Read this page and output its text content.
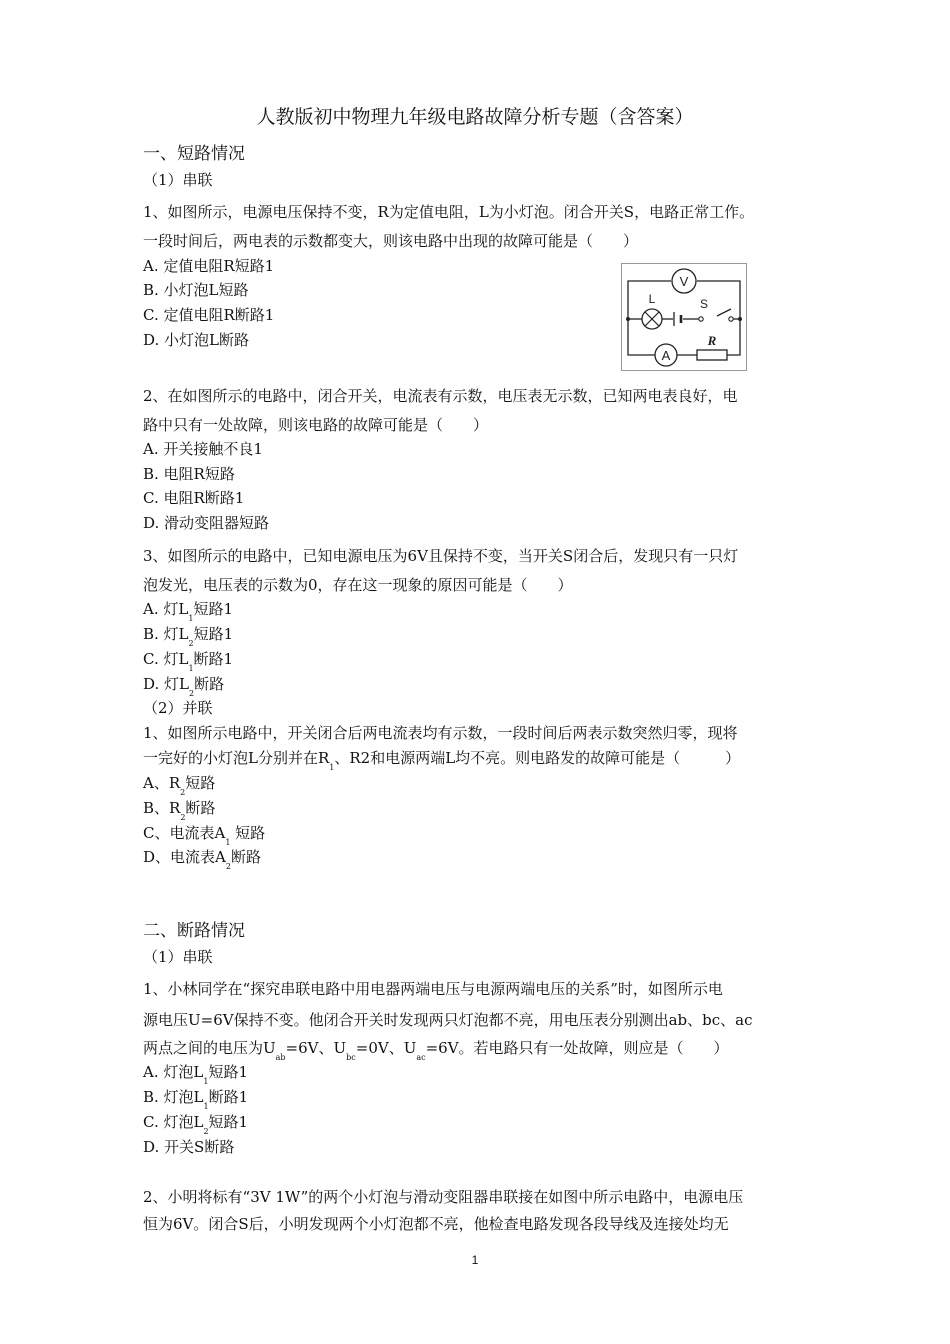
人教版初中物理九年级电路故障分析专题（含答案）
一、短路情况
（1）串联
1、如图所示，电源电压保持不变，R为定值电阻，L为小灯泡。闭合开关S，电路正常工作。
一段时间后，两电表的示数都变大，则该电路中出现的故障可能是（　　）
A. 定值电阻R短路1
B. 小灯泡L短路
C. 定值电阻R断路1
D. 小灯泡L断路
V
L	S
A
R
2、在如图所示的电路中，闭合开关，电流表有示数，电压表无示数，已知两电表良好，电
路中只有一处故障，则该电路的故障可能是（　　）
A. 开关接触不良1
B. 电阻R短路
C. 电阻R断路1
D. 滑动变阻器短路
3、如图所示的电路中，已知电源电压为6V且保持不变，当开关S闭合后，发现只有一只灯
泡发光，电压表的示数为0，存在这一现象的原因可能是（　　）
A. 灯$L_1$短路1
B. 灯$L_2$短路1
C. 灯$L_1$断路1
D. 灯$L_2$断路
（2）并联
1、如图所示电路中，开关闭合后两电流表均有示数，一段时间后两表示数突然归零，现将
一完好的小灯泡L分别并在$R_1$、R2和电源两端L均不亮。则电路发的故障可能是（　　　）
A、$R_2$短路
B、$R_2$断路
C、电流表$A_1$ 短路
D、电流表$A_2$断路
二、断路情况
（1）串联
1、小林同学在“探究串联电路中用电器两端电压与电源两端电压的关系”时，如图所示电
源电压U=6V保持不变。他闭合开关时发现两只灯泡都不亮，用电压表分别测出ab、bc、ac
两点之间的电压为$U_{ab}=6V$、$U_{bc}=0V$、$U_{ac}=6V$。若电路只有一处故障，则应是（　　）
A. 灯泡$L_1$短路1
B. 灯泡$L_1$断路1
C. 灯泡$L_2$短路1
D. 开关S断路
2、小明将标有“3V 1W”的两个小灯泡与滑动变阻器串联接在如图中所示电路中，电源电压
恒为6V。闭合S后，小明发现两个小灯泡都不亮，他检查电路发现各段导线及连接处均无
1
